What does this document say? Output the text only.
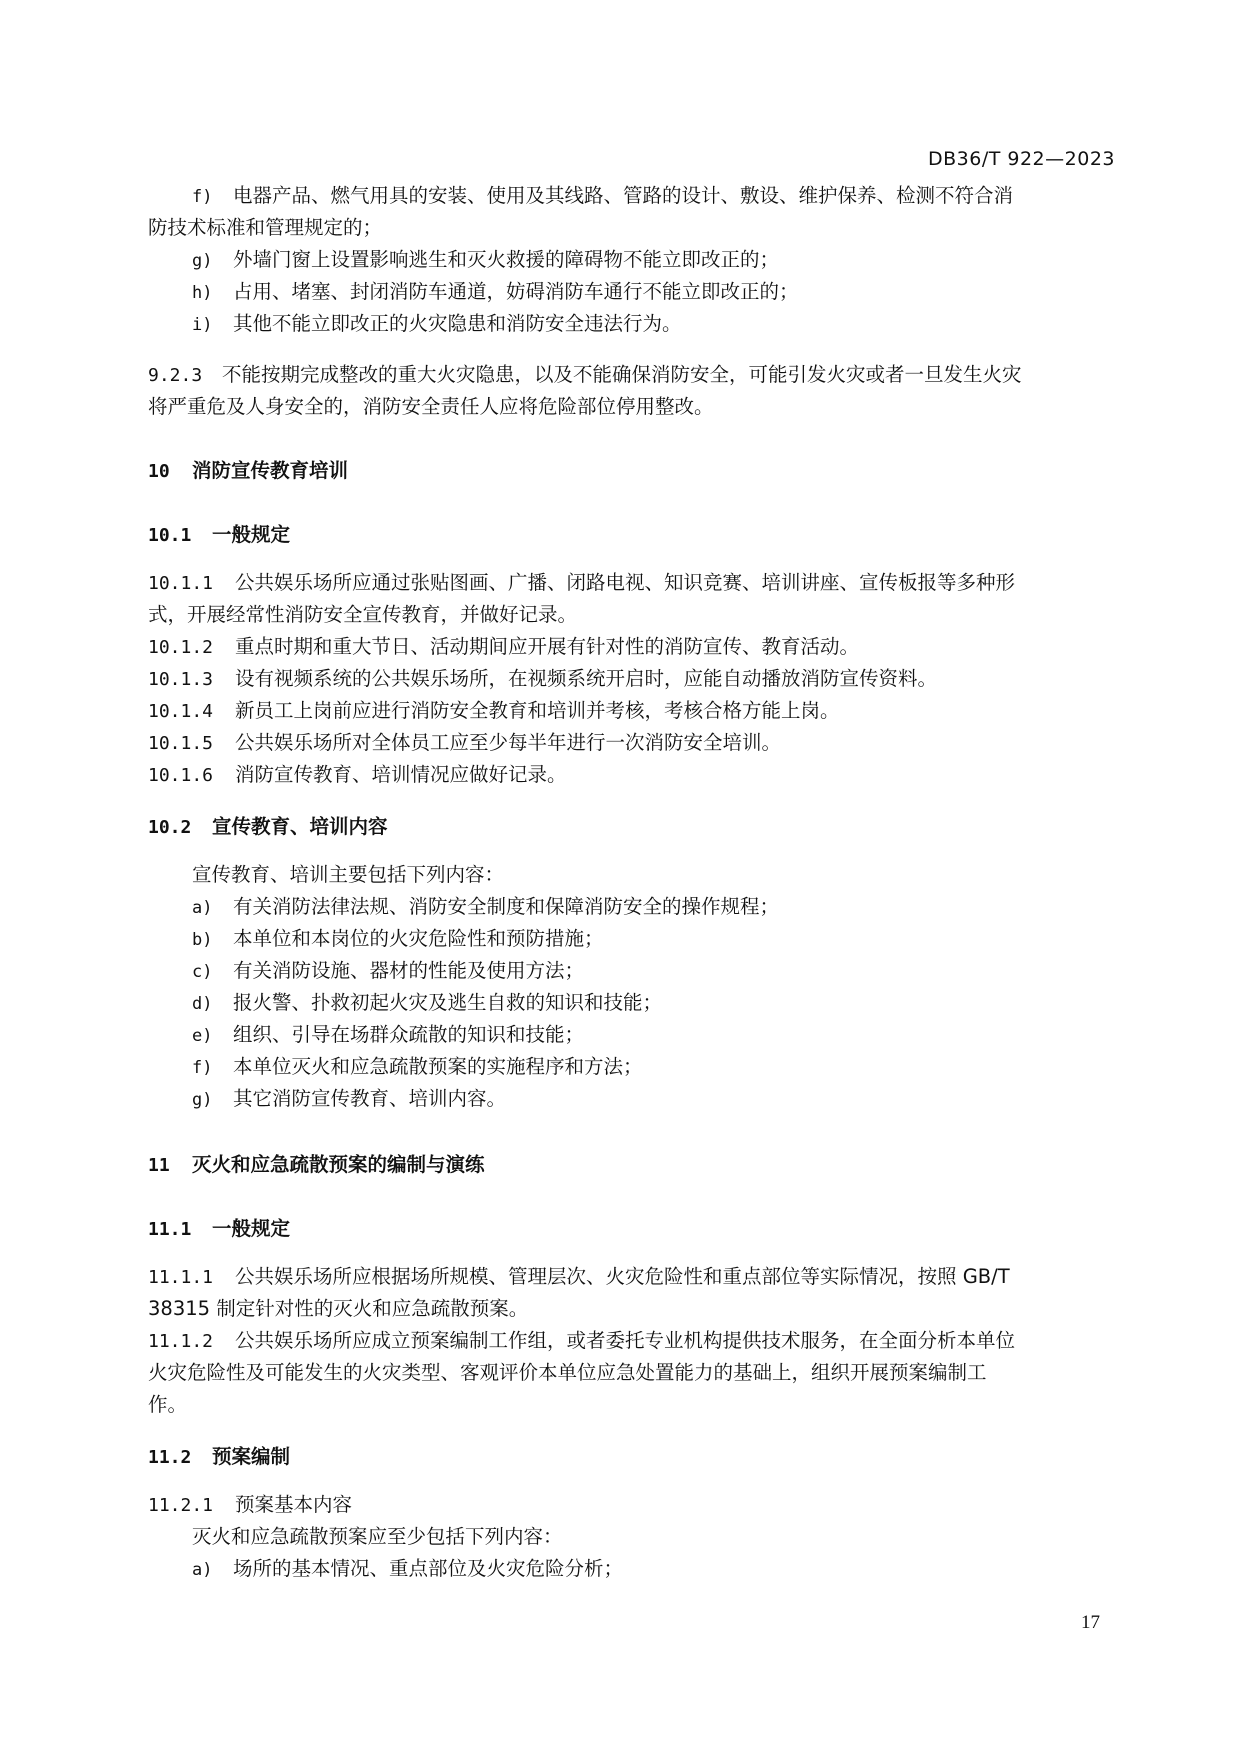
DB36/T 922—2023
f) 电器产品、燃气用具的安装、使用及其线路、管路的设计、敷设、维护保养、检测不符合消
防技术标准和管理规定的；
g) 外墙门窗上设置影响逃生和灭火救援的障碍物不能立即改正的；
h) 占用、堵塞、封闭消防车通道，妨碍消防车通行不能立即改正的；
i) 其他不能立即改正的火灾隐患和消防安全违法行为。
9.2.3 不能按期完成整改的重大火灾隐患，以及不能确保消防安全，可能引发火灾或者一旦发生火灾
将严重危及人身安全的，消防安全责任人应将危险部位停用整改。
10 消防宣传教育培训
10.1 一般规定
10.1.1 公共娱乐场所应通过张贴图画、广播、闭路电视、知识竞赛、培训讲座、宣传板报等多种形
式，开展经常性消防安全宣传教育，并做好记录。
10.1.2 重点时期和重大节日、活动期间应开展有针对性的消防宣传、教育活动。
10.1.3 设有视频系统的公共娱乐场所，在视频系统开启时，应能自动播放消防宣传资料。
10.1.4 新员工上岗前应进行消防安全教育和培训并考核，考核合格方能上岗。
10.1.5 公共娱乐场所对全体员工应至少每半年进行一次消防安全培训。
10.1.6 消防宣传教育、培训情况应做好记录。
10.2 宣传教育、培训内容
宣传教育、培训主要包括下列内容：
a) 有关消防法律法规、消防安全制度和保障消防安全的操作规程；
b) 本单位和本岗位的火灾危险性和预防措施；
c) 有关消防设施、器材的性能及使用方法；
d) 报火警、扑救初起火灾及逃生自救的知识和技能；
e) 组织、引导在场群众疏散的知识和技能；
f) 本单位灭火和应急疏散预案的实施程序和方法；
g) 其它消防宣传教育、培训内容。
11 灭火和应急疏散预案的编制与演练
11.1 一般规定
11.1.1 公共娱乐场所应根据场所规模、管理层次、火灾危险性和重点部位等实际情况，按照 GB/T
38315 制定针对性的灭火和应急疏散预案。
11.1.2 公共娱乐场所应成立预案编制工作组，或者委托专业机构提供技术服务，在全面分析本单位
火灾危险性及可能发生的火灾类型、客观评价本单位应急处置能力的基础上，组织开展预案编制工
作。
11.2 预案编制
11.2.1 预案基本内容
灭火和应急疏散预案应至少包括下列内容：
a) 场所的基本情况、重点部位及火灾危险分析；
17
